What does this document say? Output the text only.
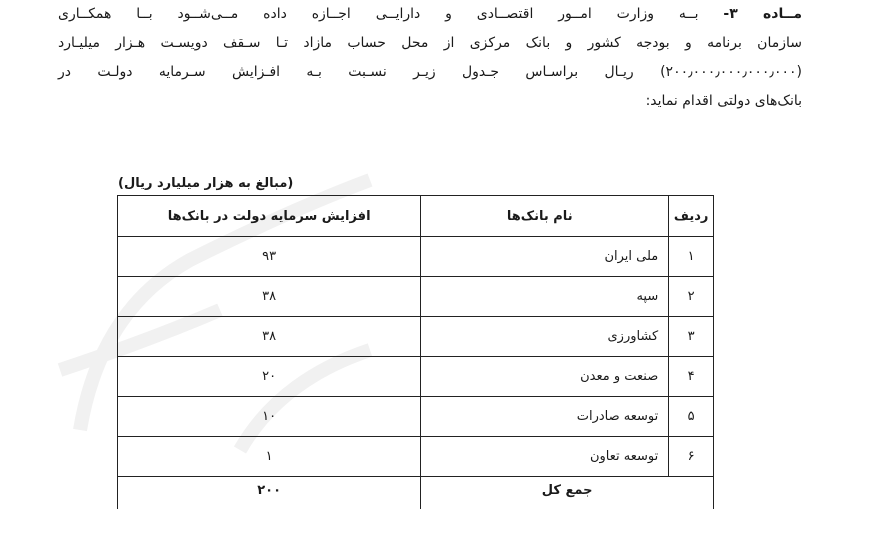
مــاده ۳- بــه وزارت امــور اقتصــادی و دارایــی اجــازه داده مــی‌شــود بــا همکــاری
سازمان برنامه و بودجه کشور و بانک مرکزی از محل حساب مازاد تـا سـقف دویسـت هـزار میلیـارد
(۲۰۰٫۰۰۰٫۰۰۰٫۰۰۰٫۰۰۰) ریـال براسـاس جـدول زیـر نسـبت بـه افـزایش سـرمایه دولـت در
بانک‌های دولتی اقدام نماید:

(مبالغ به هزار میلیارد ریال)
ردیف	نام بانک‌ها	افزایش سرمایه دولت در بانک‌ها
۱	ملی ایران	۹۳
۲	سپه	۳۸
۳	کشاورزی	۳۸
۴	صنعت و معدن	۲۰
۵	توسعه صادرات	۱۰
۶	توسعه تعاون	۱
جمع کل		۲۰۰
